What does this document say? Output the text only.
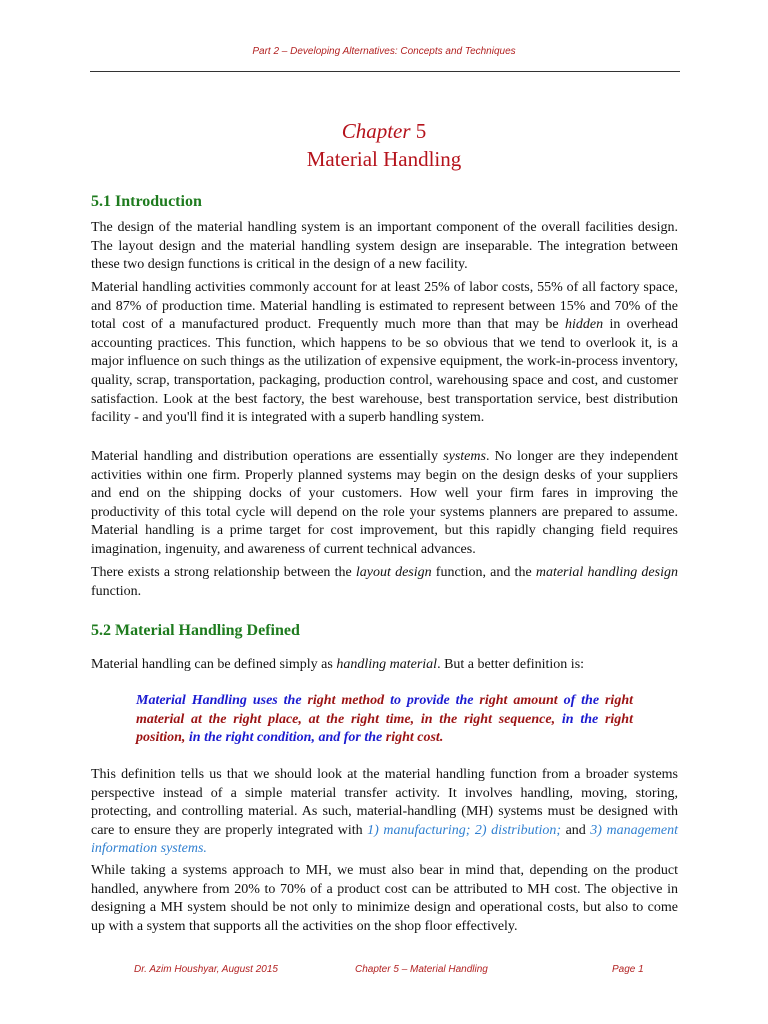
Part 2 – Developing Alternatives: Concepts and Techniques
Chapter 5
Material Handling
5.1 Introduction

The design of the material handling system is an important component of the overall facilities design. The layout design and the material handling system design are inseparable. The integration between these two design functions is critical in the design of a new facility.

Material handling activities commonly account for at least 25% of labor costs, 55% of all factory space, and 87% of production time. Material handling is estimated to represent between 15% and 70% of the total cost of a manufactured product. Frequently much more than that may be hidden in overhead accounting practices. This function, which happens to be so obvious that we tend to overlook it, is a major influence on such things as the utilization of expensive equipment, the work-in-process inventory, quality, scrap, transportation, packaging, production control, warehousing space and cost, and customer satisfaction. Look at the best factory, the best warehouse, best transportation service, best distribution facility - and you'll find it is integrated with a superb handling system.

Material handling and distribution operations are essentially systems. No longer are they independent activities within one firm. Properly planned systems may begin on the design desks of your suppliers and end on the shipping docks of your customers. How well your firm fares in improving the productivity of this total cycle will depend on the role your systems planners are prepared to assume. Material handling is a prime target for cost improvement, but this rapidly changing field requires imagination, ingenuity, and awareness of current technical advances.

There exists a strong relationship between the layout design function, and the material handling design function.

5.2 Material Handling Defined

Material handling can be defined simply as handling material. But a better definition is:

Material Handling uses the right method to provide the right amount of the right material at the right place, at the right time, in the right sequence, in the right position, in the right condition, and for the right cost.

This definition tells us that we should look at the material handling function from a broader systems perspective instead of a simple material transfer activity. It involves handling, moving, storing, protecting, and controlling material. As such, material-handling (MH) systems must be designed with care to ensure they are properly integrated with 1) manufacturing; 2) distribution; and 3) management information systems.

While taking a systems approach to MH, we must also bear in mind that, depending on the product handled, anywhere from 20% to 70% of a product cost can be attributed to MH cost. The objective in designing a MH system should be not only to minimize design and operational costs, but also to come up with a system that supports all the activities on the shop floor effectively.

Dr. Azim Houshyar, August 2015	Chapter 5 – Material Handling	Page 1
